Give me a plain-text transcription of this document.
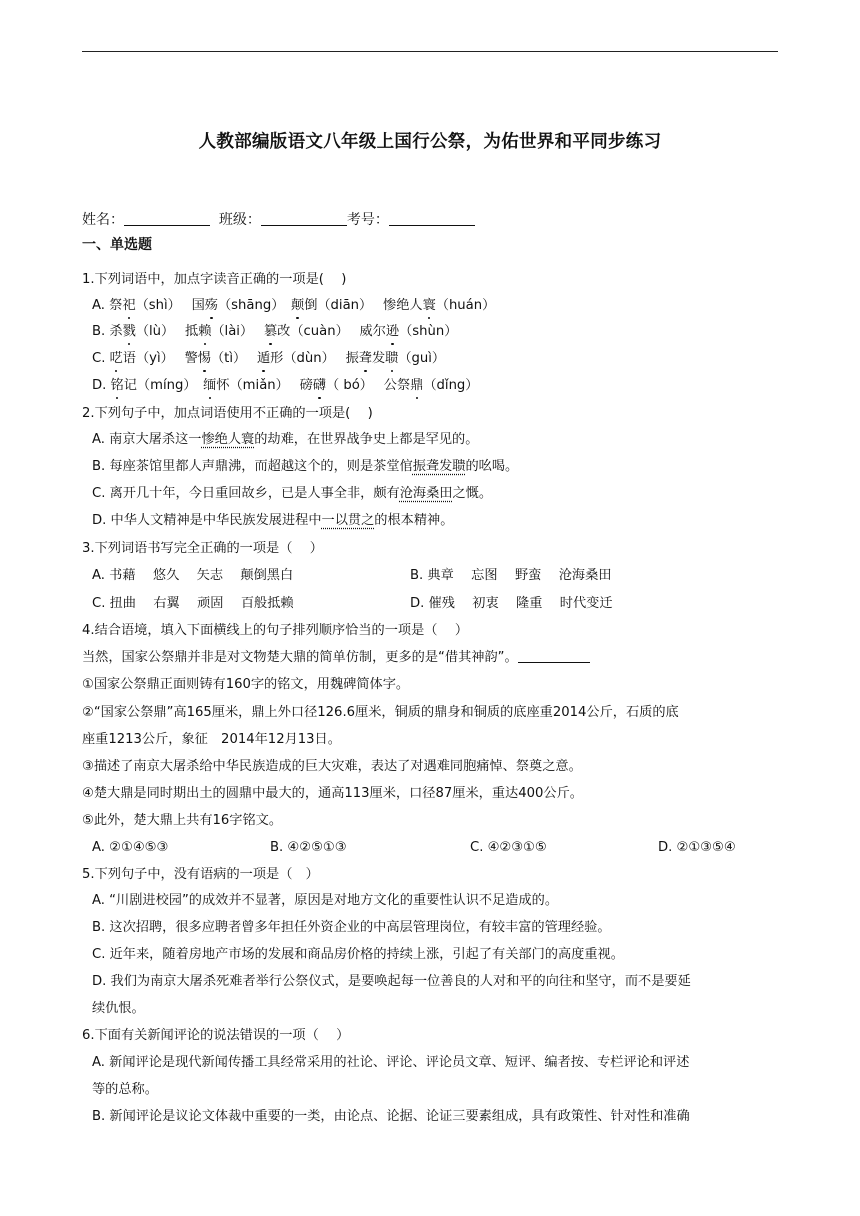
人教部编版语文八年级上国行公祭，为佑世界和平同步练习
姓名：	班级：	考号：
一、单选题
1.下列词语中，加点字读音正确的一项是(　 )
A. 祭祀（shì）　 国殇（shāng）　颠倒（diān）　 惨绝人寰（huán）
B. 杀戮（lù）　 抵赖（lài）　 篡改（cuàn）　 威尔逊（shùn）
C. 呓语（yì）　 警惕（tì）　 遁形（dùn）　 振聋发聩（guì）
D. 铭记（míng）　缅怀（miǎn）　 磅礴（ bó）　 公祭鼎（dǐng）
2.下列句子中，加点词语使用不正确的一项是(　 )
A. 南京大屠杀这一惨绝人寰的劫难，在世界战争史上都是罕见的。
B. 每座茶馆里都人声鼎沸，而超越这个的，则是茶堂倌振聋发聩的吆喝。
C. 离开几十年，今日重回故乡，已是人事全非，颇有沧海桑田之慨。
D. 中华人文精神是中华民族发展进程中一以贯之的根本精神。
3.下列词语书写完全正确的一项是（　 ）
A. 书藉　 悠久　 矢志　 颠倒黑白	B. 典章　 忘图　 野蛮　 沧海桑田
C. 扭曲　 右翼　 顽固　 百般抵赖	D. 催残　 初衷　 隆重　 时代变迁
4.结合语境，填入下面横线上的句子排列顺序恰当的一项是（　 ）
当然，国家公祭鼎并非是对文物楚大鼎的简单仿制，更多的是“借其神韵”。
①国家公祭鼎正面则铸有160字的铭文，用魏碑简体字。
②“国家公祭鼎”高165厘米，鼎上外口径126.6厘米，铜质的鼎身和铜质的底座重2014公斤，石质的底
座重1213公斤，象征　2014年12月13日。
③描述了南京大屠杀给中华民族造成的巨大灾难，表达了对遇难同胞痛悼、祭奠之意。
④楚大鼎是同时期出土的圆鼎中最大的，通高113厘米，口径87厘米，重达400公斤。
⑤此外，楚大鼎上共有16字铭文。
A. ②①④⑤③	B. ④②⑤①③	C. ④②③①⑤	D. ②①③⑤④
5.下列句子中，没有语病的一项是（　）
A. “川剧进校园”的成效并不显著，原因是对地方文化的重要性认识不足造成的。
B. 这次招聘，很多应聘者曾多年担任外资企业的中高层管理岗位，有较丰富的管理经验。
C. 近年来，随着房地产市场的发展和商品房价格的持续上涨，引起了有关部门的高度重视。
D. 我们为南京大屠杀死难者举行公祭仪式，是要唤起每一位善良的人对和平的向往和坚守，而不是要延
续仇恨。
6.下面有关新闻评论的说法错误的一项（　 ）
A. 新闻评论是现代新闻传播工具经常采用的社论、评论、评论员文章、短评、编者按、专栏评论和评述
等的总称。
B. 新闻评论是议论文体裁中重要的一类，由论点、论据、论证三要素组成，具有政策性、针对性和准确
